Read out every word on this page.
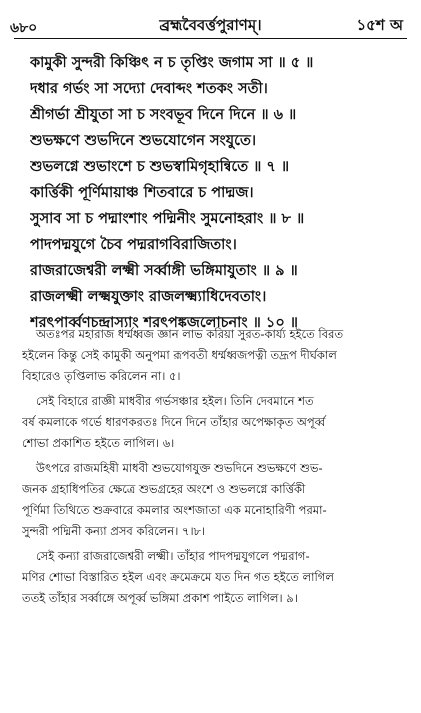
৬৮০	ব্রহ্মবৈবর্ত্তপুরাণম্।	১৫শ অ
কামুকী সুন্দরী কিঞ্চিৎ ন চ তৃপ্তিং জগাম সা ॥ ৫ ॥
দধার গর্ভং সা সদ্যো দেবাব্দং শতকং সতী।
শ্রীগর্ভা শ্রীযুতা সা চ সংবভূব দিনে দিনে ॥ ৬ ॥
শুভক্ষণে শুভদিনে শুভযোগেন সংযুতে।
শুভলগ্নে শুভাংশে চ শুভস্বামিগৃহান্বিতে ॥ ৭ ॥
কার্ত্তিকী পূর্ণিমায়াঞ্চ শিতবারে চ পাদ্মজ।
সুসাব সা চ পদ্মাংশাং পদ্মিনীং সুমনোহরাং ॥ ৮ ॥
পাদপদ্মযুগে চৈব পদ্মরাগবিরাজিতাং।
রাজরাজেশ্বরী লক্ষ্মী সর্ব্বাঙ্গী ভঙ্গিমাযুতাং ॥ ৯ ॥
রাজলক্ষ্মী লক্ষ্মযুক্তাং রাজলক্ষ্ম্যাধিদেবতাং।
শরৎপার্ব্বণচন্দ্রাস্যাং শরৎপঙ্কজলোচনাং ॥ ১০ ॥
অতঃপর মহারাজ ধর্ম্মধ্বজ জ্ঞান লাভ করিয়া সুরত-কার্য্য হইতে বিরত
হইলেন কিন্তু সেই কামুকী অনুপমা রূপবতী ধর্ম্মধ্বজপত্নী তদ্রূপ দীর্ঘকাল
বিহারেও তৃপ্তিলাভ করিলেন না। ৫।
সেই বিহারে রাজ্ঞী মাধবীর গর্ভসঞ্চার হইল। তিনি দেবমানে শত
বর্ষ কমলাকে গর্ভে ধারণকরতঃ দিনে দিনে তাঁহার অপেক্ষাকৃত অপূর্ব্ব
শোভা প্রকাশিত হইতে লাগিল। ৬।
উৎপরে রাজমহিষী মাধবী শুভযোগযুক্ত শুভদিনে শুভক্ষণে শুভ-
জনক গ্রহাধিপতির ক্ষেত্রে শুভগ্রহের অংশে ও শুভলগ্নে কার্ত্তিকী
পূর্ণিমা তিথিতে শুক্রবারে কমলার অংশজাতা এক মনোহারিণী পরমা-
সুন্দরী পদ্মিনী কন্যা প্রসব করিলেন। ৭।৮।
সেই কন্যা রাজরাজেশ্বরী লক্ষ্মী। তাঁহার পাদপদ্মযুগলে পদ্মরাগ-
মণির শোভা বিস্তারিত হইল এবং ক্রমেক্রমে যত দিন গত হইতে লাগিল
ততই তাঁহার সর্ব্বাঙ্গে অপূর্ব্ব ভঙ্গিমা প্রকাশ পাইতে লাগিল। ৯।
